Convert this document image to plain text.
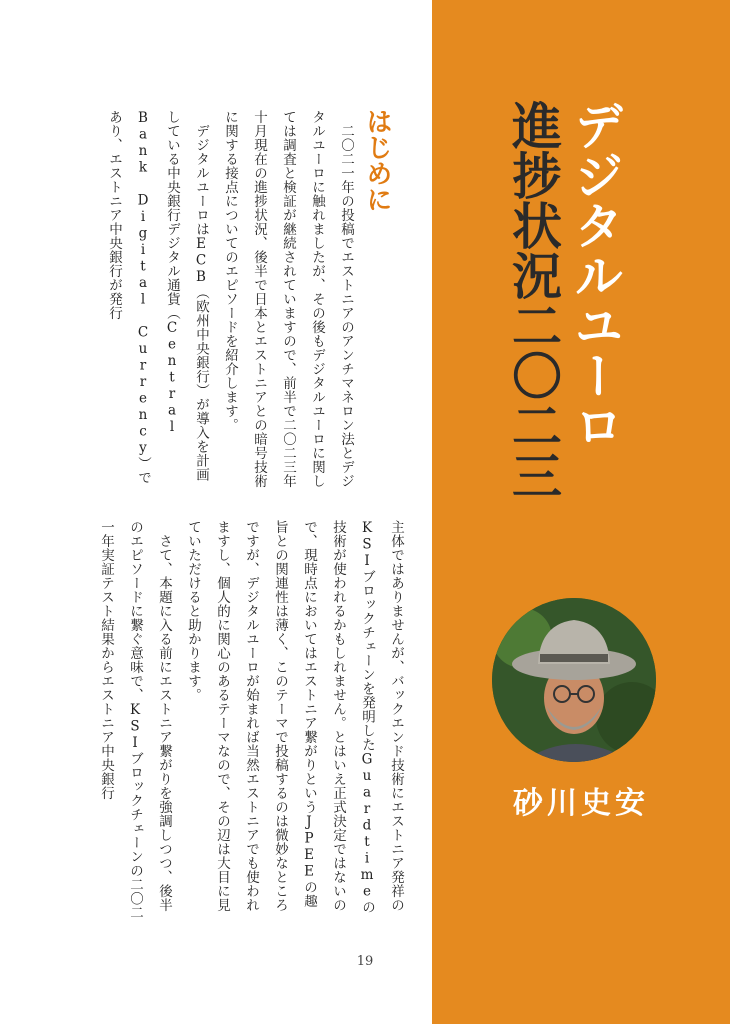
デジタルユーロ
進捗状況二〇二三
砂川史安
はじめに

二〇二一年の投稿でエストニアのアンチマネロン法とデジタルユーロに触れましたが、その後もデジタルユーロに関しては調査と検証が継続されていますので、前半で二〇二三年十月現在の進捗状況、後半で日本とエストニアとの暗号技術に関する接点についてのエピソードを紹介します。

デジタルユーロはECB（欧州中央銀行）が導入を計画している中央銀行デジタル通貨（Central Bank Digital Currency）であり、エストニア中央銀行が発行

主体ではありませんが、バックエンド技術にエストニア発祥のKSIブロックチェーンを発明したGuardtimeの技術が使われるかもしれません。とはいえ正式決定ではないので、現時点においてはエストニア繋がりというJPEEの趣旨との関連性は薄く、このテーマで投稿するのは微妙なところですが、デジタルユーロが始まれば当然エストニアでも使われますし、個人的に関心のあるテーマなので、その辺は大目に見ていただけると助かります。

さて、本題に入る前にエストニア繋がりを強調しつつ、後半のエピソードに繋ぐ意味で、KSIブロックチェーンの二〇二一年実証テスト結果からエストニア中央銀行

19
